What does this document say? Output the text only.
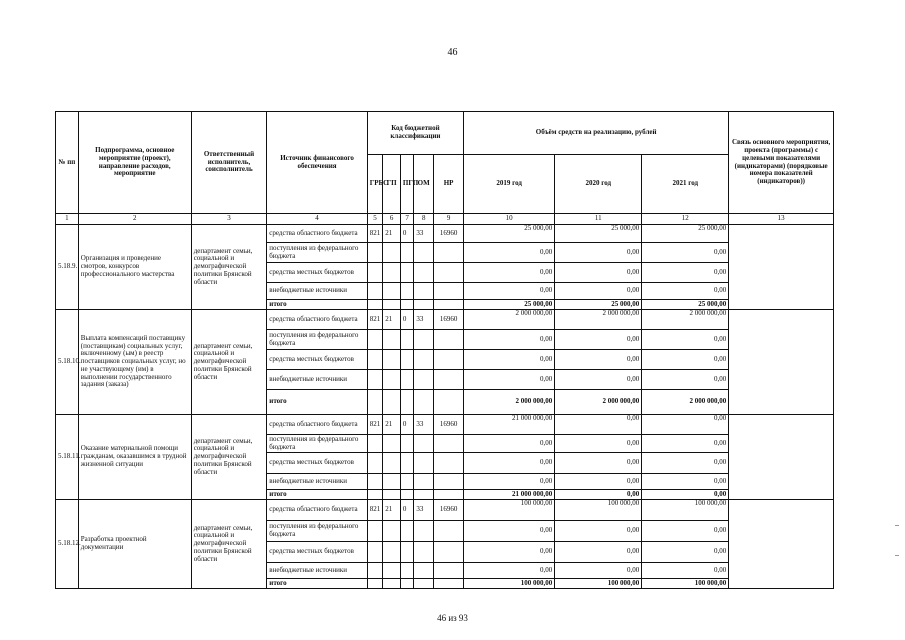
46
№ пп	Подпрограмма, основное мероприятие (проект), направление расходов, мероприятие	Ответственный исполнитель, соисполнитель	Источник финансового обеспечения	Код бюджетной классификации					Объём средств на реализацию, рублей			Связь основного мероприятия, проекта (программы) с целевыми показателями (индикаторами) (порядковые номера показателей (индикаторов))
				ГРБС	ГП	ПГП	ОМ	НР	2019 год	2020 год	2021 год	
1	2	3	4	5	6	7	8	9	10	11	12	13
5.18.9.	Организация и проведение смотров, конкурсов профессионального мастерства	департамент семьи, социальной и демографической политики Брянской области	средства областного бюджета	821	21	0	33	16960	25 000,00	25 000,00	25 000,00	
			поступления из федерального бюджета						0,00	0,00	0,00	
			средства местных бюджетов						0,00	0,00	0,00	
			внебюджетные источники						0,00	0,00	0,00	
			итого						25 000,00	25 000,00	25 000,00	
5.18.10.	Выплата компенсаций поставщику (поставщикам) социальных услуг, включенному (ым) в реестр поставщиков социальных услуг, но не участвующему (им) в выполнении государственного задания (заказа)	департамент семьи, социальной и демографической политики Брянской области	средства областного бюджета	821	21	0	33	16960	2 000 000,00	2 000 000,00	2 000 000,00	
			поступления из федерального бюджета						0,00	0,00	0,00	
			средства местных бюджетов						0,00	0,00	0,00	
			внебюджетные источники						0,00	0,00	0,00	
			итого						2 000 000,00	2 000 000,00	2 000 000,00	
5.18.11.	Оказание материальной помощи гражданам, оказавшимся в трудной жизненной ситуации	департамент семьи, социальной и демографической политики Брянской области	средства областного бюджета	821	21	0	33	16960	21 000 000,00	0,00	0,00	
			поступления из федерального бюджета						0,00	0,00	0,00	
			средства местных бюджетов						0,00	0,00	0,00	
			внебюджетные источники						0,00	0,00	0,00	
			итого						21 000 000,00	0,00	0,00	
5.18.12.	Разработка проектной документации	департамент семьи, социальной и демографической политики Брянской области	средства областного бюджета	821	21	0	33	16960	100 000,00	100 000,00	100 000,00	
			поступления из федерального бюджета						0,00	0,00	0,00	
			средства местных бюджетов						0,00	0,00	0,00	
			внебюджетные источники						0,00	0,00	0,00	
			итого						100 000,00	100 000,00	100 000,00	
46 из 93
